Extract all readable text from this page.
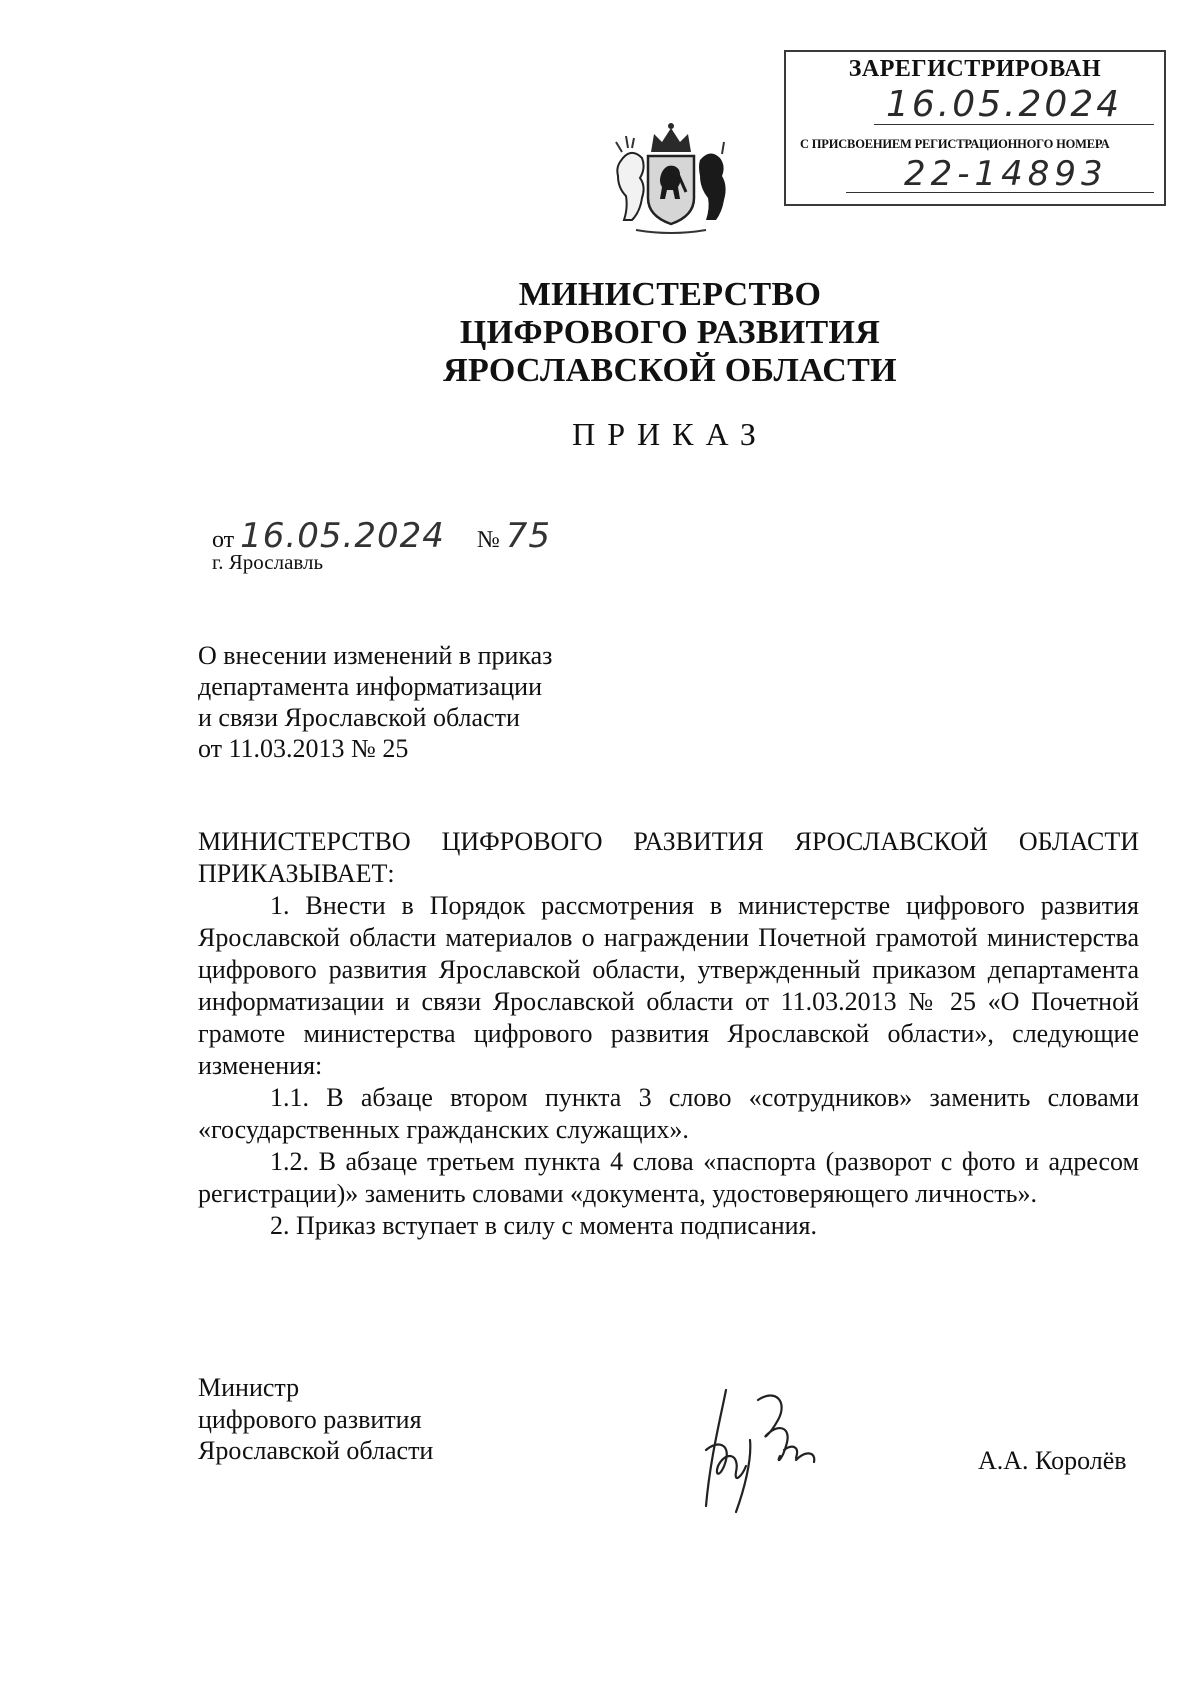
ЗАРЕГИСТРИРОВАН
16.05.2024
С ПРИСВОЕНИЕМ РЕГИСТРАЦИОННОГО НОМЕРА
22-14893
МИНИСТЕРСТВО
ЦИФРОВОГО РАЗВИТИЯ
ЯРОСЛАВСКОЙ ОБЛАСТИ
ПРИКАЗ
от 16.05.2024 № 75
г. Ярославль
О внесении изменений в приказ
департамента информатизации
и связи Ярославской области
от 11.03.2013 № 25

МИНИСТЕРСТВО ЦИФРОВОГО РАЗВИТИЯ ЯРОСЛАВСКОЙ ОБЛАСТИ ПРИКАЗЫВАЕТ:

1. Внести в Порядок рассмотрения в министерстве цифрового развития Ярославской области материалов о награждении Почетной грамотой министерства цифрового развития Ярославской области, утвержденный приказом департамента информатизации и связи Ярославской области от 11.03.2013 № 25 «О Почетной грамоте министерства цифрового развития Ярославской области», следующие изменения:

1.1. В абзаце втором пункта 3 слово «сотрудников» заменить словами «государственных гражданских служащих».

1.2. В абзаце третьем пункта 4 слова «паспорта (разворот с фото и адресом регистрации)» заменить словами «документа, удостоверяющего личность».

2. Приказ вступает в силу с момента подписания.

Министр
цифрового развития
Ярославской области	А.А. Королёв
